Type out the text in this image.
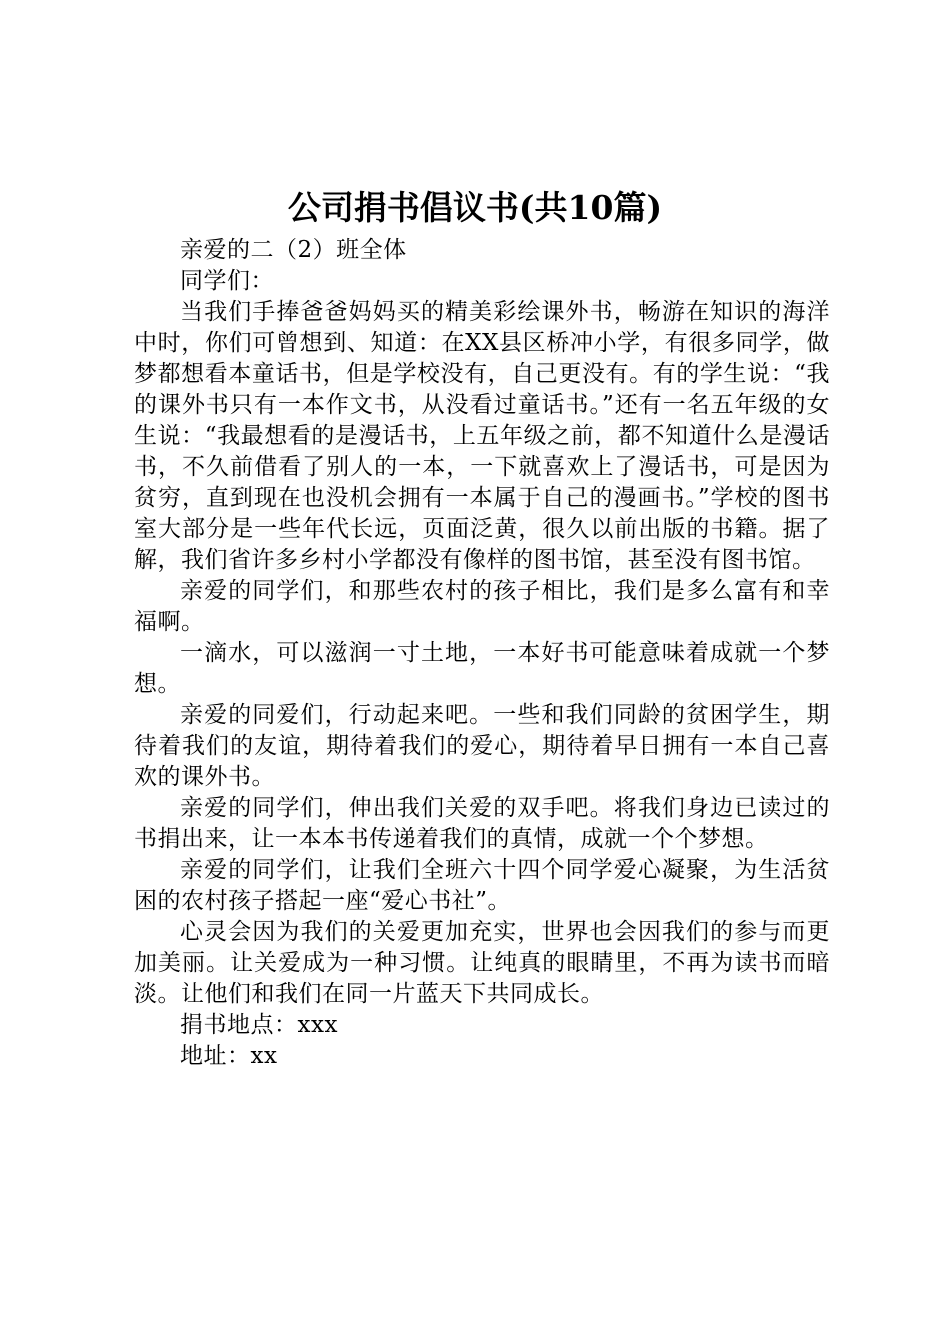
公司捐书倡议书(共10篇)

亲爱的二（2）班全体

同学们：

当我们手捧爸爸妈妈买的精美彩绘课外书，畅游在知识的海洋中时，你们可曾想到、知道：在XX县区桥冲小学，有很多同学，做梦都想看本童话书，但是学校没有，自己更没有。有的学生说：“我的课外书只有一本作文书，从没看过童话书。”还有一名五年级的女生说：“我最想看的是漫话书，上五年级之前，都不知道什么是漫话书，不久前借看了别人的一本，一下就喜欢上了漫话书，可是因为贫穷，直到现在也没机会拥有一本属于自己的漫画书。”学校的图书室大部分是一些年代长远，页面泛黄，很久以前出版的书籍。据了解，我们省许多乡村小学都没有像样的图书馆，甚至没有图书馆。

亲爱的同学们，和那些农村的孩子相比，我们是多么富有和幸福啊。

一滴水，可以滋润一寸土地，一本好书可能意味着成就一个梦想。

亲爱的同爱们，行动起来吧。一些和我们同龄的贫困学生，期待着我们的友谊，期待着我们的爱心，期待着早日拥有一本自己喜欢的课外书。

亲爱的同学们，伸出我们关爱的双手吧。将我们身边已读过的书捐出来，让一本本书传递着我们的真情，成就一个个梦想。

亲爱的同学们，让我们全班六十四个同学爱心凝聚，为生活贫困的农村孩子搭起一座“爱心书社”。

心灵会因为我们的关爱更加充实，世界也会因我们的参与而更加美丽。让关爱成为一种习惯。让纯真的眼睛里，不再为读书而暗淡。让他们和我们在同一片蓝天下共同成长。

捐书地点：xxx

地址：xx
